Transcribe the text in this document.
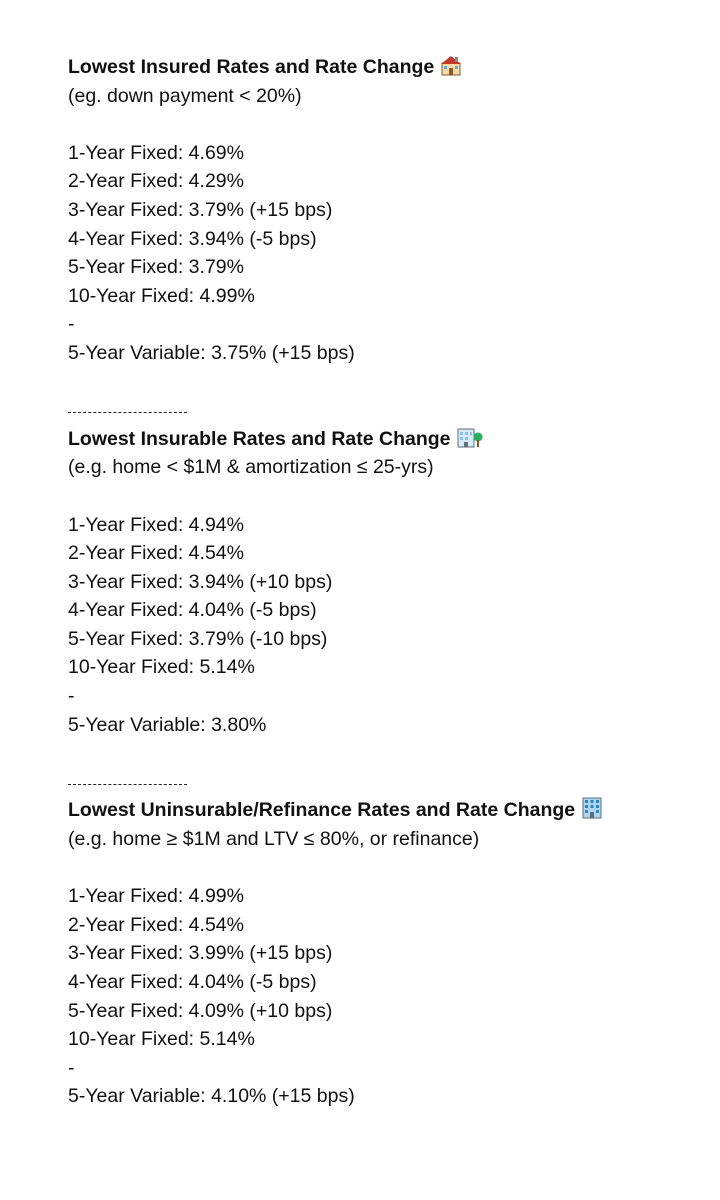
Lowest Insured Rates and Rate Change
(eg. down payment < 20%)
1-Year Fixed: 4.69%
2-Year Fixed: 4.29%
3-Year Fixed: 3.79% (+15 bps)
4-Year Fixed: 3.94% (-5 bps)
5-Year Fixed: 3.79%
10-Year Fixed: 4.99%
-
5-Year Variable: 3.75% (+15 bps)
Lowest Insurable Rates and Rate Change
(e.g. home < $1M & amortization ≤ 25-yrs)
1-Year Fixed: 4.94%
2-Year Fixed: 4.54%
3-Year Fixed: 3.94% (+10 bps)
4-Year Fixed: 4.04% (-5 bps)
5-Year Fixed: 3.79% (-10 bps)
10-Year Fixed: 5.14%
-
5-Year Variable: 3.80%
Lowest Uninsurable/Refinance Rates and Rate Change
(e.g. home ≥ $1M and LTV ≤ 80%, or refinance)
1-Year Fixed: 4.99%
2-Year Fixed: 4.54%
3-Year Fixed: 3.99% (+15 bps)
4-Year Fixed: 4.04% (-5 bps)
5-Year Fixed: 4.09% (+10 bps)
10-Year Fixed: 5.14%
-
5-Year Variable: 4.10% (+15 bps)
